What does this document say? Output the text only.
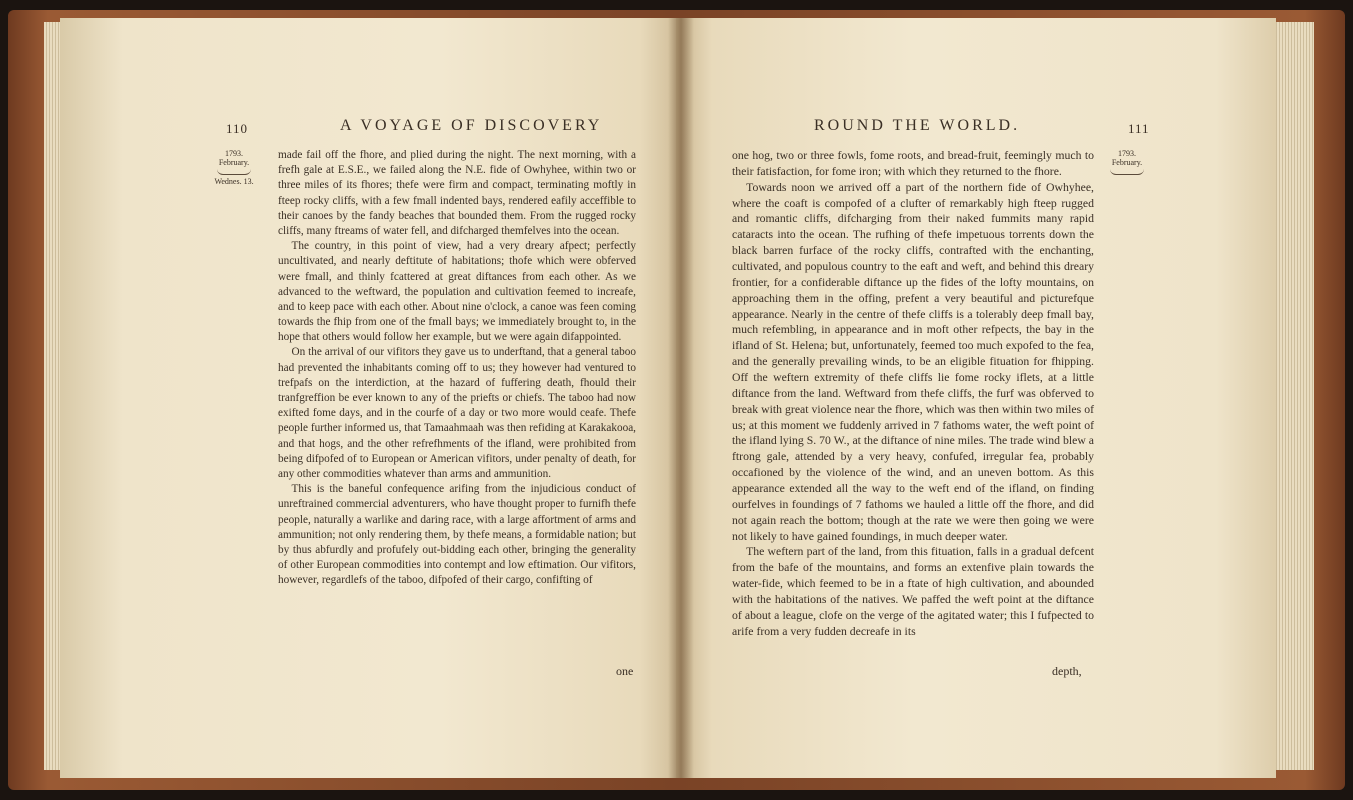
110	A VOYAGE OF DISCOVERY
1793.
February.
Wednes. 13.

made fail off the fhore, and plied during the night. The next morning, with a frefh gale at E.S.E., we failed along the N.E. fide of Owhyhee, within two or three miles of its fhores; thefe were firm and compact, terminating moftly in fteep rocky cliffs, with a few fmall indented bays, rendered eafily acceffible to their canoes by the fandy beaches that bounded them. From the rugged rocky cliffs, many ftreams of water fell, and difcharged themfelves into the ocean.

The country, in this point of view, had a very dreary afpect; perfectly uncultivated, and nearly deftitute of habitations; thofe which were obferved were fmall, and thinly fcattered at great diftances from each other. As we advanced to the weftward, the population and cultivation feemed to increafe, and to keep pace with each other. About nine o'clock, a canoe was feen coming towards the fhip from one of the fmall bays; we immediately brought to, in the hope that others would follow her example, but we were again difappointed.

On the arrival of our vifitors they gave us to underftand, that a general taboo had prevented the inhabitants coming off to us; they however had ventured to trefpafs on the interdiction, at the hazard of fuffering death, fhould their tranfgreffion be ever known to any of the priefts or chiefs. The taboo had now exifted fome days, and in the courfe of a day or two more would ceafe. Thefe people further informed us, that Tamaahmaah was then refiding at Karakakooa, and that hogs, and the other refrefhments of the ifland, were prohibited from being difpofed of to European or American vifitors, under penalty of death, for any other commodities whatever than arms and ammunition.

This is the baneful confequence arifing from the injudicious conduct of unreftrained commercial adventurers, who have thought proper to furnifh thefe people, naturally a warlike and daring race, with a large affortment of arms and ammunition; not only rendering them, by thefe means, a formidable nation; but by thus abfurdly and profufely out-bidding each other, bringing the generality of other European commodities into contempt and low eftimation. Our vifitors, however, regardlefs of the taboo, difpofed of their cargo, confifting of

one
ROUND THE WORLD.	111
1793.
February.

one hog, two or three fowls, fome roots, and bread-fruit, feemingly much to their fatisfaction, for fome iron; with which they returned to the fhore.

Towards noon we arrived off a part of the northern fide of Owhyhee, where the coaft is compofed of a clufter of remarkably high fteep rugged and romantic cliffs, difcharging from their naked fummits many rapid cataracts into the ocean. The rufhing of thefe impetuous torrents down the black barren furface of the rocky cliffs, contrafted with the enchanting, cultivated, and populous country to the eaft and weft, and behind this dreary frontier, for a confiderable diftance up the fides of the lofty mountains, on approaching them in the offing, prefent a very beautiful and picturefque appearance. Nearly in the centre of thefe cliffs is a tolerably deep fmall bay, much refembling, in appearance and in moft other refpects, the bay in the ifland of St. Helena; but, unfortunately, feemed too much expofed to the fea, and the generally prevailing winds, to be an eligible fituation for fhipping. Off the weftern extremity of thefe cliffs lie fome rocky iflets, at a little diftance from the land. Weftward from thefe cliffs, the furf was obferved to break with great violence near the fhore, which was then within two miles of us; at this moment we fuddenly arrived in 7 fathoms water, the weft point of the ifland lying S. 70 W., at the diftance of nine miles. The trade wind blew a ftrong gale, attended by a very heavy, confufed, irregular fea, probably occafioned by the violence of the wind, and an uneven bottom. As this appearance extended all the way to the weft end of the ifland, on finding ourfelves in foundings of 7 fathoms we hauled a little off the fhore, and did not again reach the bottom; though at the rate we were then going we were not likely to have gained foundings, in much deeper water.

The weftern part of the land, from this fituation, falls in a gradual defcent from the bafe of the mountains, and forms an extenfive plain towards the water-fide, which feemed to be in a ftate of high cultivation, and abounded with the habitations of the natives. We paffed the weft point at the diftance of about a league, clofe on the verge of the agitated water; this I fufpected to arife from a very fudden decreafe in its

depth,
